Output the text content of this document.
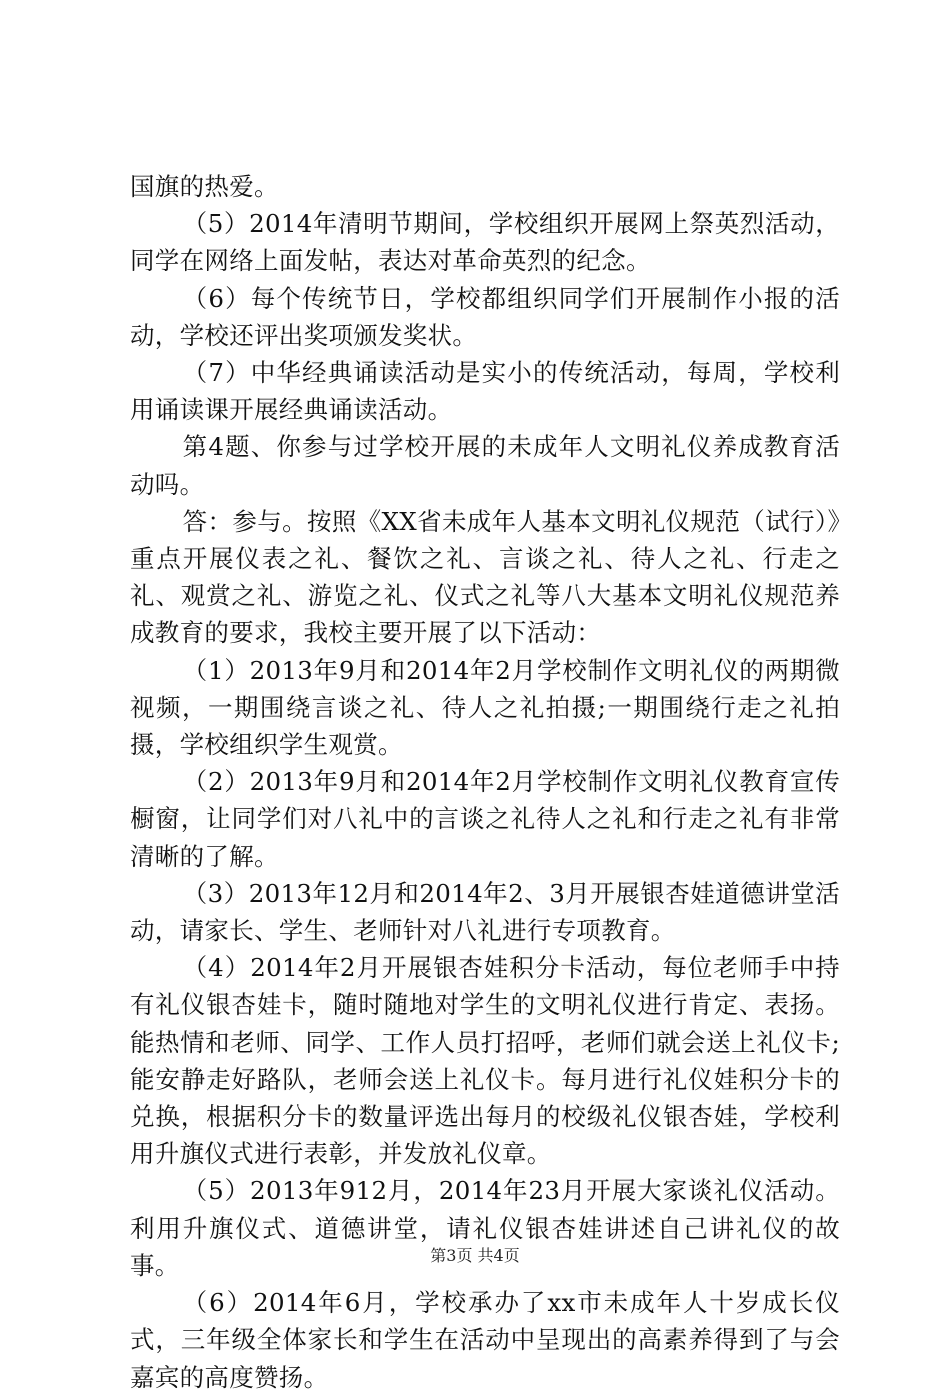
国旗的热爱。

（5）2014年清明节期间，学校组织开展网上祭英烈活动，同学在网络上面发帖，表达对革命英烈的纪念。

（6）每个传统节日，学校都组织同学们开展制作小报的活动，学校还评出奖项颁发奖状。

（7）中华经典诵读活动是实小的传统活动，每周，学校利用诵读课开展经典诵读活动。

第4题、你参与过学校开展的未成年人文明礼仪养成教育活动吗。

答：参与。按照《XX省未成年人基本文明礼仪规范（试行）》重点开展仪表之礼、餐饮之礼、言谈之礼、待人之礼、行走之礼、观赏之礼、游览之礼、仪式之礼等八大基本文明礼仪规范养成教育的要求，我校主要开展了以下活动：

（1）2013年9月和2014年2月学校制作文明礼仪的两期微视频，一期围绕言谈之礼、待人之礼拍摄;一期围绕行走之礼拍摄，学校组织学生观赏。

（2）2013年9月和2014年2月学校制作文明礼仪教育宣传橱窗，让同学们对八礼中的言谈之礼待人之礼和行走之礼有非常清晰的了解。

（3）2013年12月和2014年2、3月开展银杏娃道德讲堂活动，请家长、学生、老师针对八礼进行专项教育。

（4）2014年2月开展银杏娃积分卡活动，每位老师手中持有礼仪银杏娃卡，随时随地对学生的文明礼仪进行肯定、表扬。能热情和老师、同学、工作人员打招呼，老师们就会送上礼仪卡;能安静走好路队，老师会送上礼仪卡。每月进行礼仪娃积分卡的兑换，根据积分卡的数量评选出每月的校级礼仪银杏娃，学校利用升旗仪式进行表彰，并发放礼仪章。

（5）2013年912月，2014年23月开展大家谈礼仪活动。利用升旗仪式、道德讲堂，请礼仪银杏娃讲述自己讲礼仪的故事。

（6）2014年6月，学校承办了xx市未成年人十岁成长仪式，三年级全体家长和学生在活动中呈现出的高素养得到了与会嘉宾的高度赞扬。

第3页 共4页
